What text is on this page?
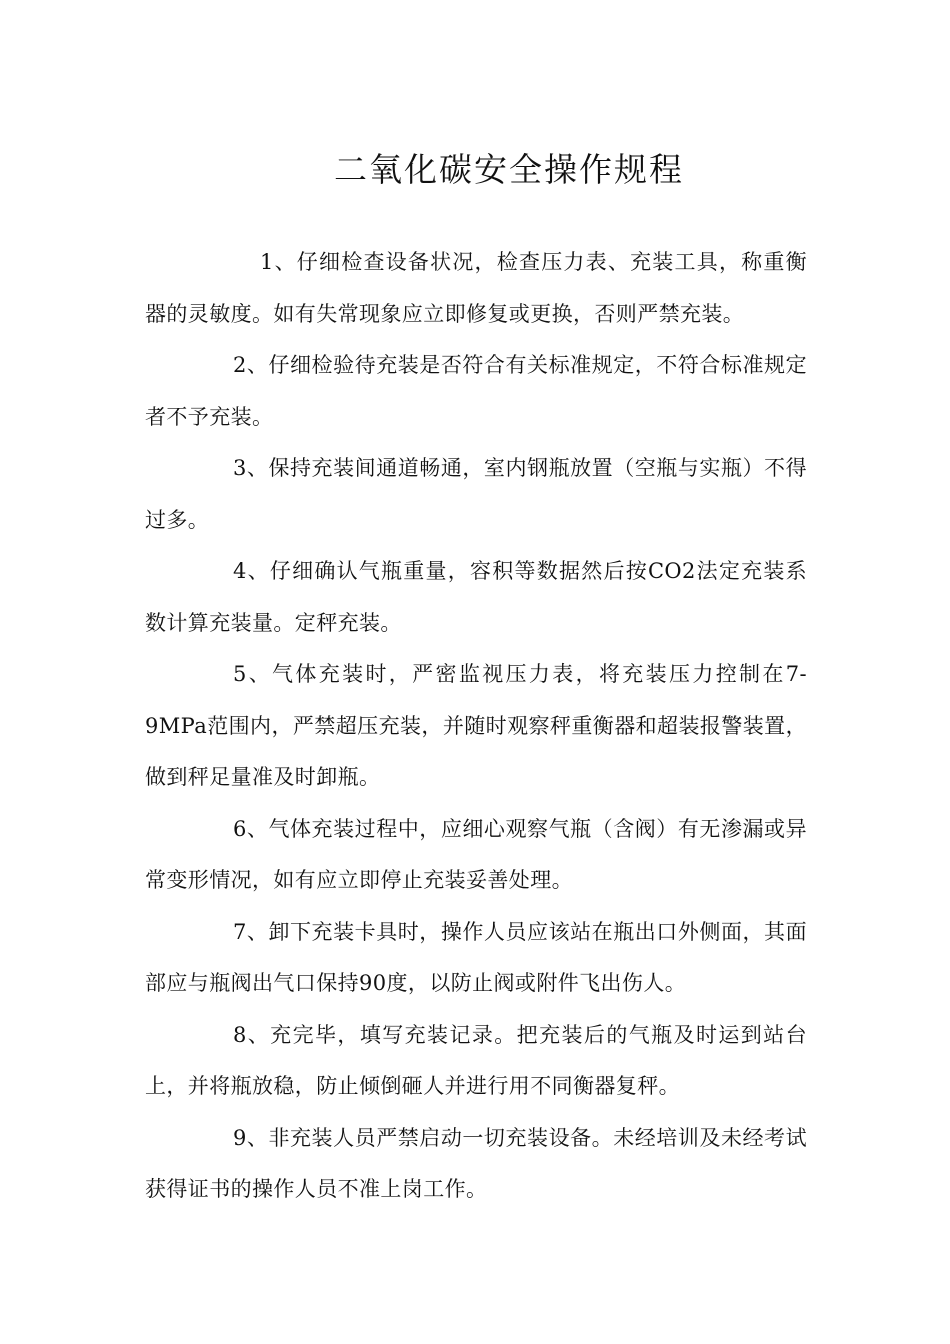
二氧化碳安全操作规程

1、仔细检查设备状况，检查压力表、充装工具，称重衡器的灵敏度。如有失常现象应立即修复或更换，否则严禁充装。

2、仔细检验待充装是否符合有关标准规定，不符合标准规定者不予充装。

3、保持充装间通道畅通，室内钢瓶放置（空瓶与实瓶）不得过多。

4、仔细确认气瓶重量，容积等数据然后按CO2法定充装系数计算充装量。定秤充装。

5、气体充装时，严密监视压力表，将充装压力控制在7-9MPa范围内，严禁超压充装，并随时观察秤重衡器和超装报警装置，做到秤足量准及时卸瓶。

6、气体充装过程中，应细心观察气瓶（含阀）有无渗漏或异常变形情况，如有应立即停止充装妥善处理。

7、卸下充装卡具时，操作人员应该站在瓶出口外侧面，其面部应与瓶阀出气口保持90度，以防止阀或附件飞出伤人。

8、充完毕，填写充装记录。把充装后的气瓶及时运到站台上，并将瓶放稳，防止倾倒砸人并进行用不同衡器复秤。

9、非充装人员严禁启动一切充装设备。未经培训及未经考试获得证书的操作人员不准上岗工作。
